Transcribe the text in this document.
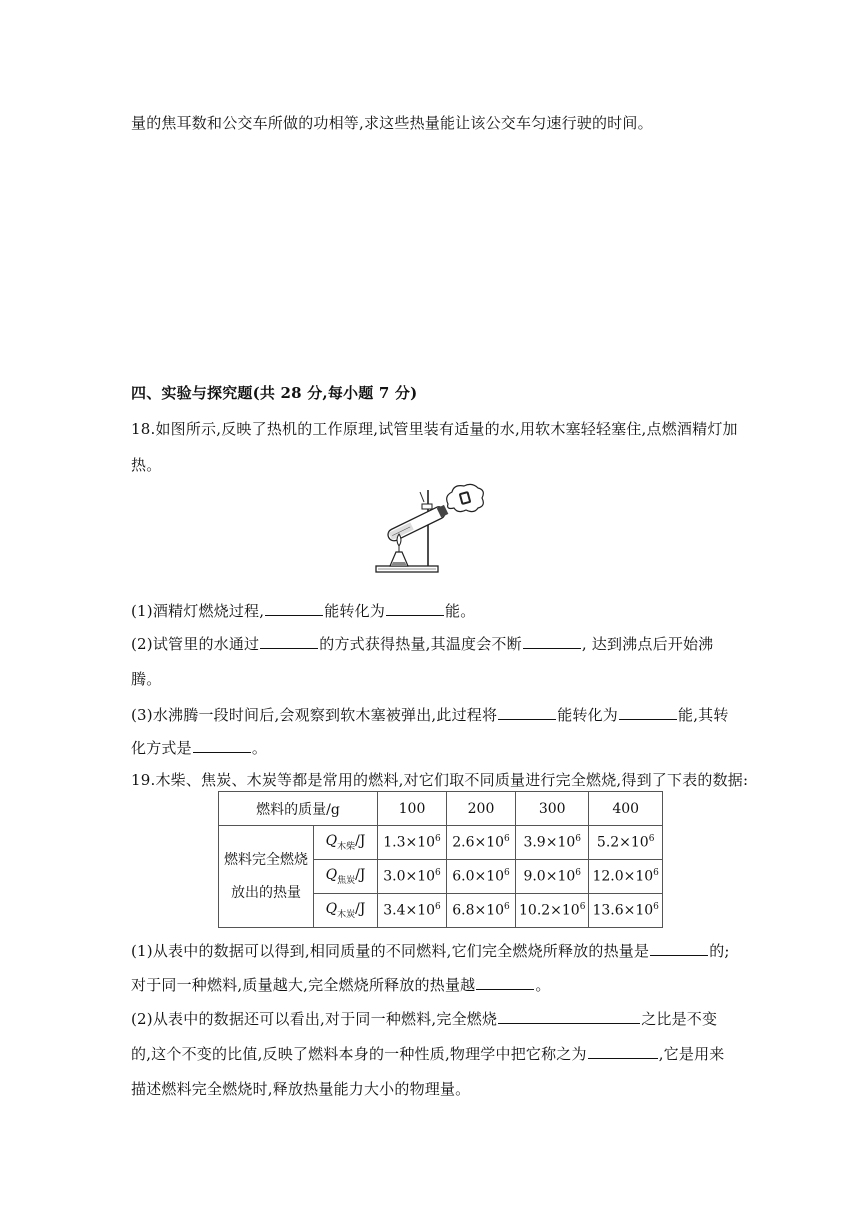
量的焦耳数和公交车所做的功相等,求这些热量能让该公交车匀速行驶的时间。
四、实验与探究题(共 28 分,每小题 7 分)
18.如图所示,反映了热机的工作原理,试管里装有适量的水,用软木塞轻轻塞住,点燃酒精灯加
热。
(1)酒精灯燃烧过程,	能转化为	能。
(2)试管里的水通过	的方式获得热量,其温度会不断	, 达到沸点后开始沸
腾。
(3)水沸腾一段时间后,会观察到软木塞被弹出,此过程将	能转化为	能,其转
化方式是	。
19.木柴、焦炭、木炭等都是常用的燃料,对它们取不同质量进行完全燃烧,得到了下表的数据:
燃料的质量/g		100	200	300	400

燃料完全燃烧
放出的热量	$Q_{木柴}/J$	$1.3\times 10^6$	$2.6\times 10^6$	$3.9\times 10^6$	$5.2\times 10^6$
	$Q_{焦炭}/J$	$3.0\times 10^6$	$6.0\times 10^6$	$9.0\times 10^6$	$12.0\times 10^6$
	$Q_{木炭}/J$	$3.4\times 10^6$	$6.8\times 10^6$	$10.2\times 10^6$	$13.6\times 10^6$
(1)从表中的数据可以得到,相同质量的不同燃料,它们完全燃烧所释放的热量是	的;
对于同一种燃料,质量越大,完全燃烧所释放的热量越	。
(2)从表中的数据还可以看出,对于同一种燃料,完全燃烧	之比是不变
的,这个不变的比值,反映了燃料本身的一种性质,物理学中把它称之为	,它是用来
描述燃料完全燃烧时,释放热量能力大小的物理量。
